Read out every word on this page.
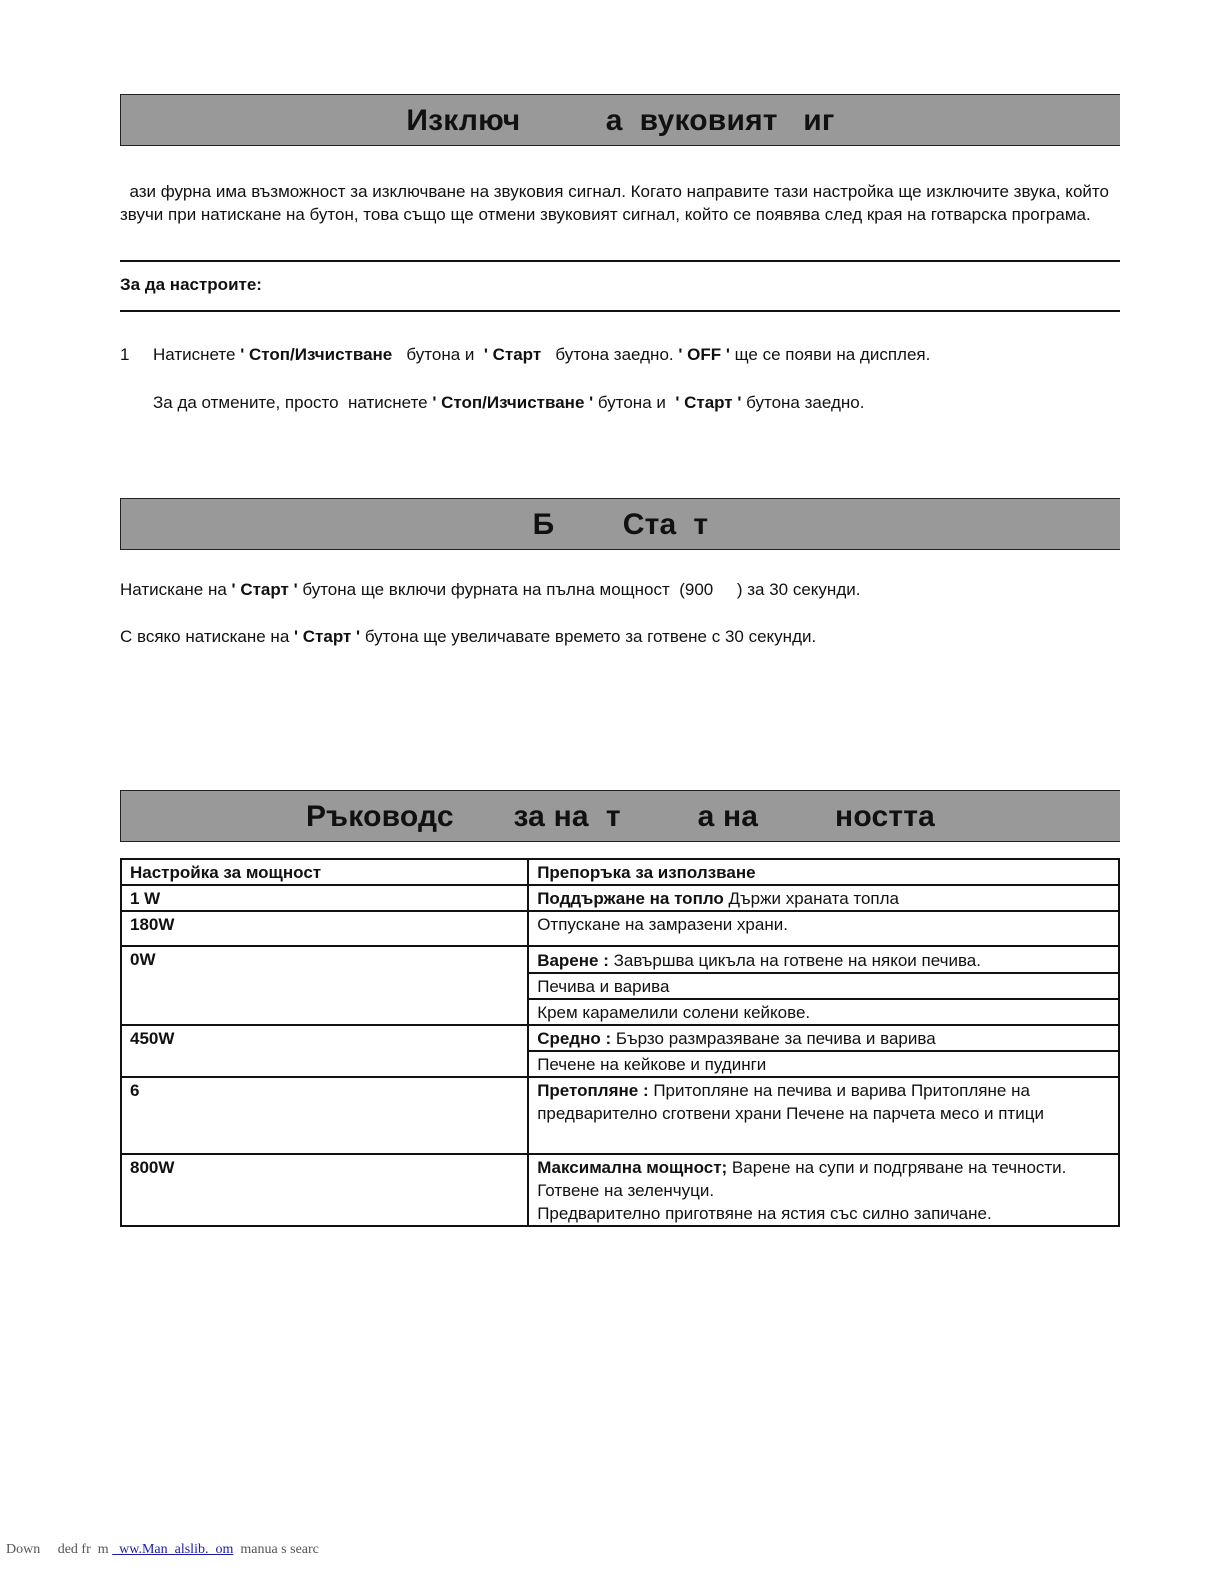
Изключ          а  вуковият   иг
ази фурна има възможност за изключване на звуковия сигнал. Когато направите тази настройка ще изключите звука, който
звучи при натискане на бутон, това също ще отмени звуковият сигнал, който се появява след края на готварска програма.
За да настроите:
1 Натиснете ' Стоп/Изчистване   бутона и  ' Старт   бутона заедно. ' OFF ' ще се появи на дисплея.
За да отмените, просто  натиснете ' Стоп/Изчистване ' бутона и  ' Старт ' бутона заедно.
Б        Ста  т
Натискане на ' Старт ' бутона ще включи фурната на пълна мощност  (900     ) за 30 секунди.
С всяко натискане на ' Старт ' бутона ще увеличавате времето за готвене с 30 секунди.
Ръководс       за на  т         а на         ността
Настройка за мощност	Препоръка за използване
1 W	Поддържане на топло Държи храната топла
180W	Отпускане на замразени храни.
0W	Варене : Завършва цикъла на готвене на някои печива.
	Печива и варива
	Крем карамелили солени кейкове.
450W	Средно : Бързо размразяване за печива и варива
	Печене на кейкове и пудинги
6	Претопляне : Притопляне на печива и варива Притопляне на
предварително сготвени храни Печене на парчета месо и птици
800W	Максимална мощност; Варене на супи и подгряване на течности.
Готвене на зеленчуци.
Предварително приготвяне на ястия със силно запичане.
Down     ded fr  m   ww.Man  alslib.  om  manua s searc
